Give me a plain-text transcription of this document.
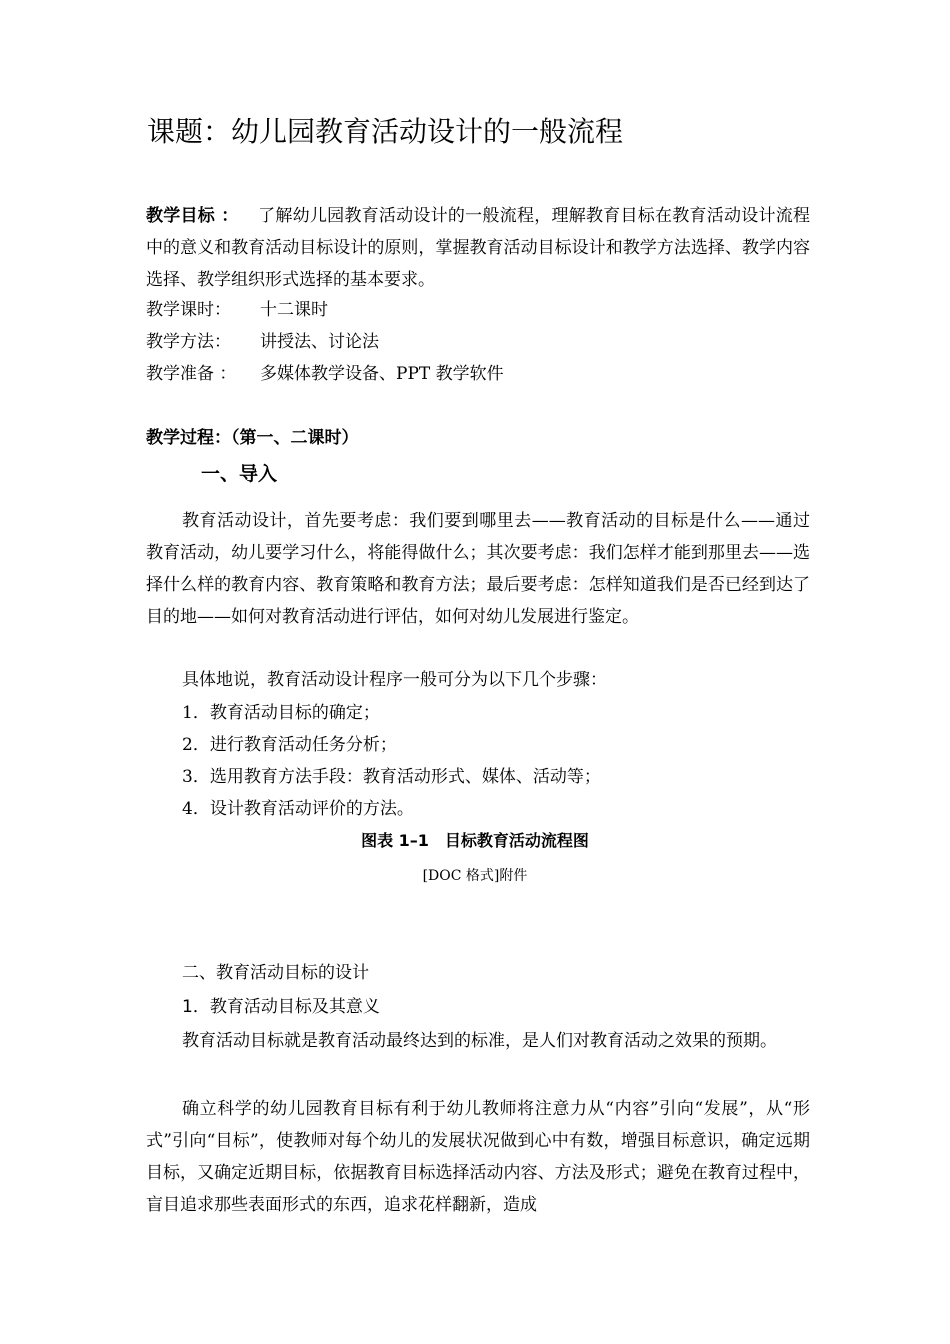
课题：幼儿园教育活动设计的一般流程
教学目标 ： 了解幼儿园教育活动设计的一般流程，理解教育目标在教育活动设计流程中的意义和教育活动目标设计的原则，掌握教育活动目标设计和教学方法选择、教学内容选择、教学组织形式选择的基本要求。
教学课时： 十二课时
教学方法： 讲授法、讨论法
教学准备 ： 多媒体教学设备、PPT 教学软件
教学过程：（第一、二课时）
一、导入
教育活动设计，首先要考虑：我们要到哪里去——教育活动的目标是什么——通过教育活动，幼儿要学习什么，将能得做什么；其次要考虑：我们怎样才能到那里去——选择什么样的教育内容、教育策略和教育方法；最后要考虑：怎样知道我们是否已经到达了目的地——如何对教育活动进行评估，如何对幼儿发展进行鉴定。
具体地说，教育活动设计程序一般可分为以下几个步骤：
1．教育活动目标的确定；
2．进行教育活动任务分析；
3．选用教育方法手段：教育活动形式、媒体、活动等；
4．设计教育活动评价的方法。
图表 1–1　目标教育活动流程图
[DOC 格式]附件
二、教育活动目标的设计
1．教育活动目标及其意义
教育活动目标就是教育活动最终达到的标准，是人们对教育活动之效果的预期。
确立科学的幼儿园教育目标有利于幼儿教师将注意力从“内容”引向“发展”，从“形式”引向“目标”，使教师对每个幼儿的发展状况做到心中有数，增强目标意识，确定远期目标，又确定近期目标，依据教育目标选择活动内容、方法及形式；避免在教育过程中，盲目追求那些表面形式的东西，追求花样翻新，造成
